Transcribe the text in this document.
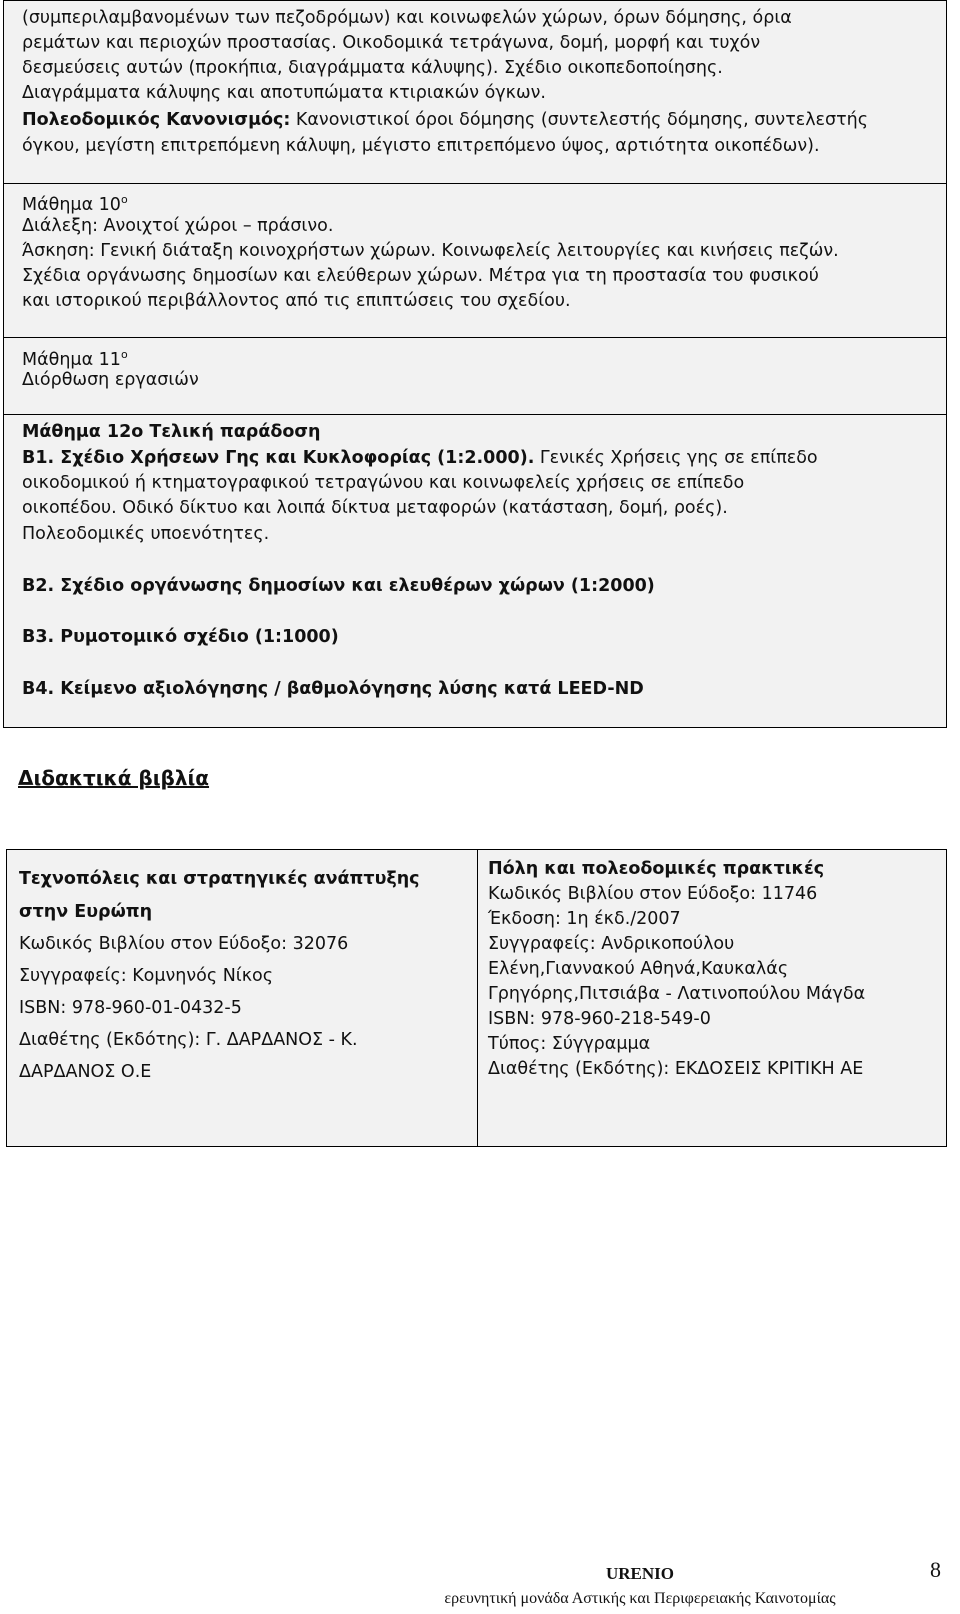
(συμπεριλαμβανομένων των πεζοδρόμων) και κοινωφελών χώρων, όρων δόμησης, όρια
ρεμάτων και περιοχών προστασίας. Οικοδομικά τετράγωνα, δομή, μορφή και τυχόν
δεσμεύσεις αυτών (προκήπια, διαγράμματα κάλυψης). Σχέδιο οικοπεδοποίησης.
Διαγράμματα κάλυψης και αποτυπώματα κτιριακών όγκων.
Πολεοδομικός Κανονισμός: Κανονιστικοί όροι δόμησης (συντελεστής δόμησης, συντελεστής
όγκου, μεγίστη επιτρεπόμενη κάλυψη, μέγιστο επιτρεπόμενο ύψος, αρτιότητα οικοπέδων).
Μάθημα $10^o$
Διάλεξη: Ανοιχτοί χώροι – πράσινο.
Άσκηση: Γενική διάταξη κοινοχρήστων χώρων. Κοινωφελείς λειτουργίες και κινήσεις πεζών.
Σχέδια οργάνωσης δημοσίων και ελεύθερων χώρων. Μέτρα για τη προστασία του φυσικού
και ιστορικού περιβάλλοντος από τις επιπτώσεις του σχεδίου.
Μάθημα $11^o$
Διόρθωση εργασιών
Μάθημα 12ο Τελική παράδοση
Β1. Σχέδιο Χρήσεων Γης και Κυκλοφορίας (1:2.000). Γενικές Χρήσεις γης σε επίπεδο
οικοδομικού ή κτηματογραφικού τετραγώνου και κοινωφελείς χρήσεις σε επίπεδο
οικοπέδου. Οδικό δίκτυο και λοιπά δίκτυα μεταφορών (κατάσταση, δομή, ροές).
Πολεοδομικές υποενότητες.
Β2. Σχέδιο οργάνωσης δημοσίων και ελευθέρων χώρων (1:2000)
Β3. Ρυμοτομικό σχέδιο (1:1000)
Β4. Κείμενο αξιολόγησης / βαθμολόγησης λύσης κατά LEED-ND
Διδακτικά βιβλία
Τεχνοπόλεις και στρατηγικές ανάπτυξης
στην Ευρώπη
Κωδικός Βιβλίου στον Εύδοξο: 32076
Συγγραφείς: Κομνηνός Νίκος
ISBN: 978-960-01-0432-5
Διαθέτης (Εκδότης): Γ. ΔΑΡΔΑΝΟΣ - Κ.
ΔΑΡΔΑΝΟΣ Ο.Ε
Πόλη και πολεοδομικές πρακτικές
Κωδικός Βιβλίου στον Εύδοξο: 11746
Έκδοση: 1η έκδ./2007
Συγγραφείς: Ανδρικοπούλου
Ελένη,Γιαννακού Αθηνά,Καυκαλάς
Γρηγόρης,Πιτσιάβα - Λατινοπούλου Μάγδα
ISBN: 978-960-218-549-0
Τύπος: Σύγγραμμα
Διαθέτης (Εκδότης): ΕΚΔΟΣΕΙΣ ΚΡΙΤΙΚΗ ΑΕ
URENIO
ερευνητική μονάδα Αστικής και Περιφερειακής Καινοτομίας
8
